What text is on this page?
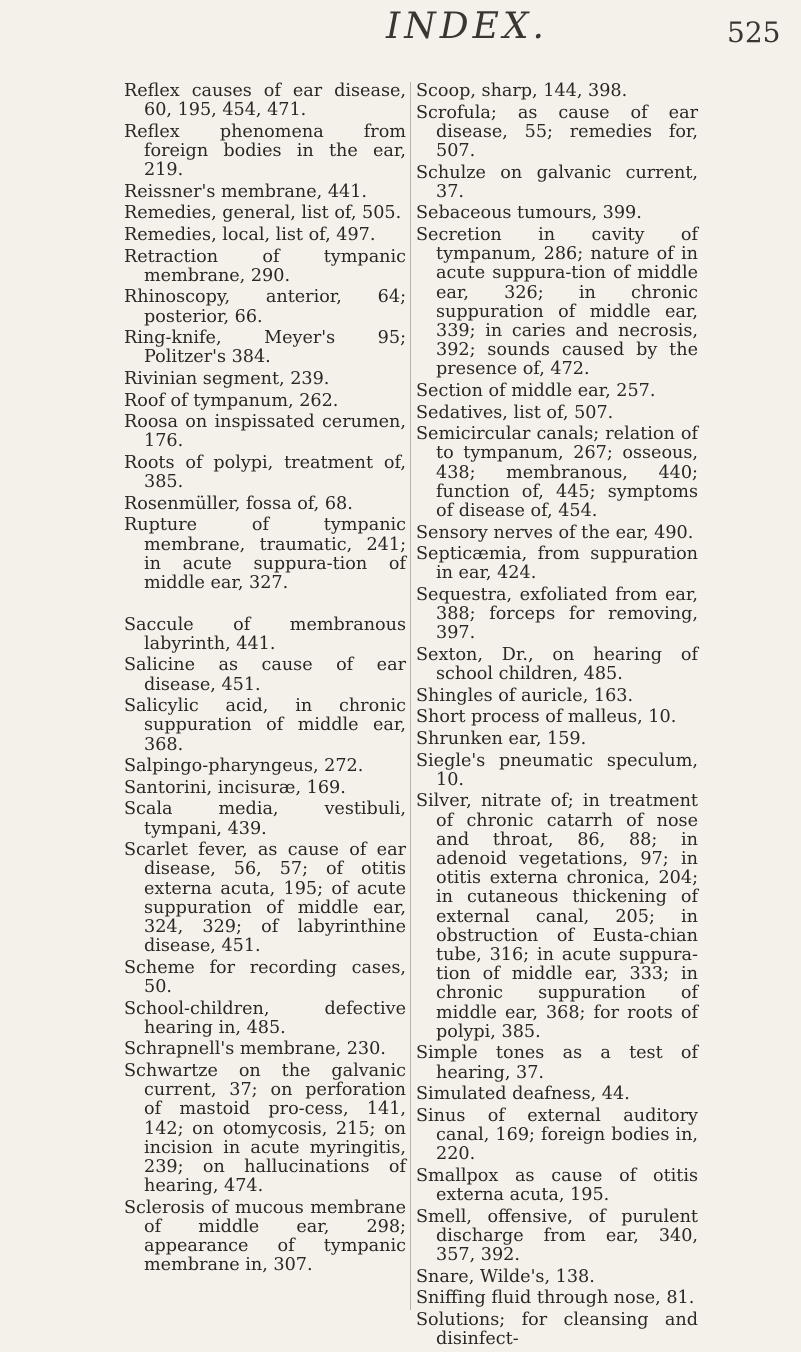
INDEX.	525
Reflex causes of ear disease, 60, 195, 454, 471.
Reflex phenomena from foreign bodies in the ear, 219.
Reissner's membrane, 441.
Remedies, general, list of, 505.
Remedies, local, list of, 497.
Retraction of tympanic membrane, 290.
Rhinoscopy, anterior, 64; posterior, 66.
Ring-knife, Meyer's 95; Politzer's 384.
Rivinian segment, 239.
Roof of tympanum, 262.
Roosa on inspissated cerumen, 176.
Roots of polypi, treatment of, 385.
Rosenmüller, fossa of, 68.
Rupture of tympanic membrane, traumatic, 241; in acute suppura-tion of middle ear, 327.
Saccule of membranous labyrinth, 441.
Salicine as cause of ear disease, 451.
Salicylic acid, in chronic suppuration of middle ear, 368.
Salpingo-pharyngeus, 272.
Santorini, incisuræ, 169.
Scala media, vestibuli, tympani, 439.
Scarlet fever, as cause of ear disease, 56, 57; of otitis externa acuta, 195; of acute suppuration of middle ear, 324, 329; of labyrinthine disease, 451.
Scheme for recording cases, 50.
School-children, defective hearing in, 485.
Schrapnell's membrane, 230.
Schwartze on the galvanic current, 37; on perforation of mastoid pro-cess, 141, 142; on otomycosis, 215; on incision in acute myringitis, 239; on hallucinations of hearing, 474.
Sclerosis of mucous membrane of middle ear, 298; appearance of tympanic membrane in, 307.
Scoop, sharp, 144, 398.
Scrofula; as cause of ear disease, 55; remedies for, 507.
Schulze on galvanic current, 37.
Sebaceous tumours, 399.
Secretion in cavity of tympanum, 286; nature of in acute suppura-tion of middle ear, 326; in chronic suppuration of middle ear, 339; in caries and necrosis, 392; sounds caused by the presence of, 472.
Section of middle ear, 257.
Sedatives, list of, 507.
Semicircular canals; relation of to tympanum, 267; osseous, 438; membranous, 440; function of, 445; symptoms of disease of, 454.
Sensory nerves of the ear, 490.
Septicæmia, from suppuration in ear, 424.
Sequestra, exfoliated from ear, 388; forceps for removing, 397.
Sexton, Dr., on hearing of school children, 485.
Shingles of auricle, 163.
Short process of malleus, 10.
Shrunken ear, 159.
Siegle's pneumatic speculum, 10.
Silver, nitrate of; in treatment of chronic catarrh of nose and throat, 86, 88; in adenoid vegetations, 97; in otitis externa chronica, 204; in cutaneous thickening of external canal, 205; in obstruction of Eusta-chian tube, 316; in acute suppura-tion of middle ear, 333; in chronic suppuration of middle ear, 368; for roots of polypi, 385.
Simple tones as a test of hearing, 37.
Simulated deafness, 44.
Sinus of external auditory canal, 169; foreign bodies in, 220.
Smallpox as cause of otitis externa acuta, 195.
Smell, offensive, of purulent discharge from ear, 340, 357, 392.
Snare, Wilde's, 138.
Sniffing fluid through nose, 81.
Solutions; for cleansing and disinfect-
